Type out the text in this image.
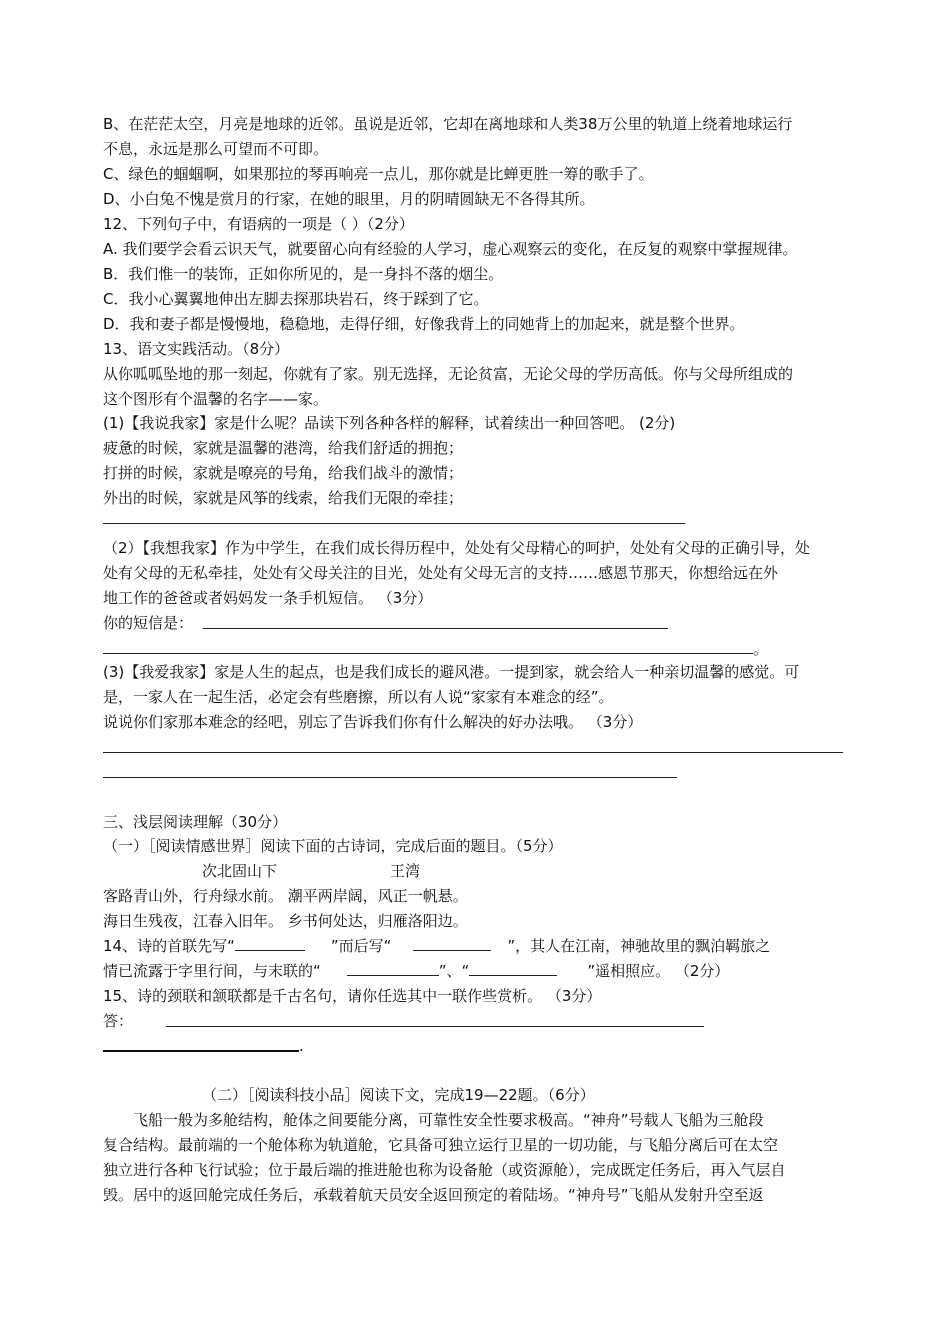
B、在茫茫太空，月亮是地球的近邻。虽说是近邻，它却在离地球和人类38万公里的轨道上绕着地球运行
不息，永远是那么可望而不可即。
C、绿色的蝈蝈啊，如果那拉的琴再响亮一点儿，那你就是比蝉更胜一筹的歌手了。
D、小白兔不愧是赏月的行家，在她的眼里，月的阴晴圆缺无不各得其所。
12、下列句子中，有语病的一项是（ ）（2分）
A. 我们要学会看云识天气，就要留心向有经验的人学习，虚心观察云的变化，在反复的观察中掌握规律。
B．我们惟一的装饰，正如你所见的，是一身抖不落的烟尘。
C．我小心翼翼地伸出左脚去探那块岩石，终于踩到了它。
D．我和妻子都是慢慢地，稳稳地，走得仔细，好像我背上的同她背上的加起来，就是整个世界。
13、语文实践活动。（8分）
从你呱呱坠地的那一刻起，你就有了家。别无选择，无论贫富，无论父母的学历高低。你与父母所组成的
这个图形有个温馨的名字——家。
(1)【我说我家】家是什么呢？品读下列各种各样的解释，试着续出一种回答吧。 (2分)
疲惫的时候，家就是温馨的港湾，给我们舒适的拥抱；
打拼的时候，家就是嘹亮的号角，给我们战斗的激情；
外出的时候，家就是风筝的线索，给我们无限的牵挂；
（2）【我想我家】作为中学生，在我们成长得历程中，处处有父母精心的呵护，处处有父母的正确引导，处
处有父母的无私牵挂，处处有父母关注的目光，处处有父母无言的支持……感恩节那天，你想给远在外
地工作的爸爸或者妈妈发一条手机短信。 （3分）
你的短信是：
。
(3)【我爱我家】家是人生的起点，也是我们成长的避风港。一提到家，就会给人一种亲切温馨的感觉。可
是，一家人在一起生活，必定会有些磨擦，所以有人说“家家有本难念的经”。
说说你们家那本难念的经吧，别忘了告诉我们你有什么解决的好办法哦。 （3分）
三、浅层阅读理解（30分）
（一）［阅读情感世界］阅读下面的古诗词，完成后面的题目。（5分）
次北固山下	王湾
客路青山外，行舟绿水前。 潮平两岸阔，风正一帆悬。
海日生残夜，江春入旧年。 乡书何处达，归雁洛阳边。
14、诗的首联先写“	”而后写“	”，其人在江南，神驰故里的飘泊羁旅之
情已流露于字里行间，与末联的“	”、“	”遥相照应。 （2分）
15、诗的颈联和颔联都是千古名句，请你任选其中一联作些赏析。 （3分）
答：
.
（二）［阅读科技小品］阅读下文，完成19—22题。（6分）
飞船一般为多舱结构，舱体之间要能分离，可靠性安全性要求极高。“神舟”号载人飞船为三舱段
复合结构。最前端的一个舱体称为轨道舱，它具备可独立运行卫星的一切功能，与飞船分离后可在太空
独立进行各种飞行试验；位于最后端的推进舱也称为设备舱（或资源舱），完成既定任务后，再入气层自
毁。居中的返回舱完成任务后，承载着航天员安全返回预定的着陆场。“神舟号”飞船从发射升空至返
